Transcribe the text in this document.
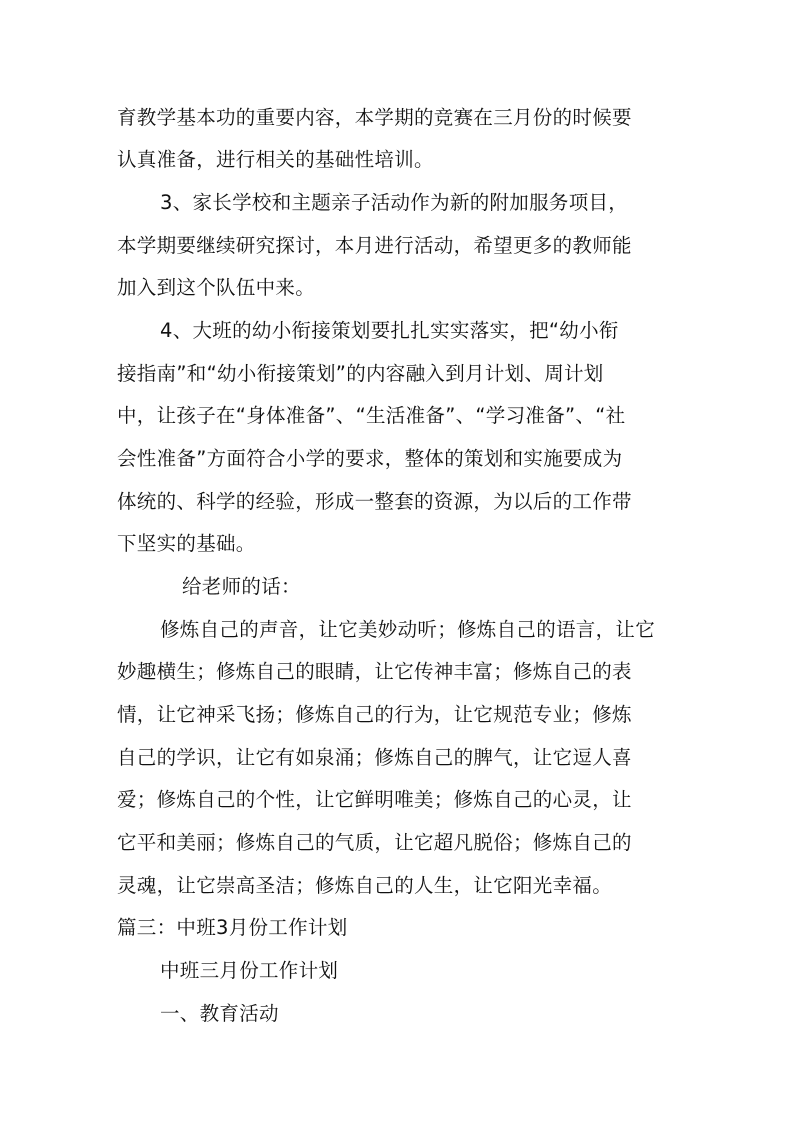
育教学基本功的重要内容，本学期的竞赛在三月份的时候要
认真准备，进行相关的基础性培训。
3、家长学校和主题亲子活动作为新的附加服务项目，
本学期要继续研究探讨，本月进行活动，希望更多的教师能
加入到这个队伍中来。
4、大班的幼小衔接策划要扎扎实实落实，把“幼小衔
接指南”和“幼小衔接策划”的内容融入到月计划、周计划
中，让孩子在“身体准备”、“生活准备”、“学习准备”、“社
会性准备”方面符合小学的要求，整体的策划和实施要成为
体统的、科学的经验，形成一整套的资源，为以后的工作带
下坚实的基础。
给老师的话：
修炼自己的声音，让它美妙动听；修炼自己的语言，让它
妙趣横生；修炼自己的眼睛，让它传神丰富；修炼自己的表
情，让它神采飞扬；修炼自己的行为，让它规范专业；修炼
自己的学识，让它有如泉涌；修炼自己的脾气，让它逗人喜
爱；修炼自己的个性，让它鲜明唯美；修炼自己的心灵，让
它平和美丽；修炼自己的气质，让它超凡脱俗；修炼自己的
灵魂，让它崇高圣洁；修炼自己的人生，让它阳光幸福。
篇三：中班3月份工作计划
中班三月份工作计划
一、教育活动
